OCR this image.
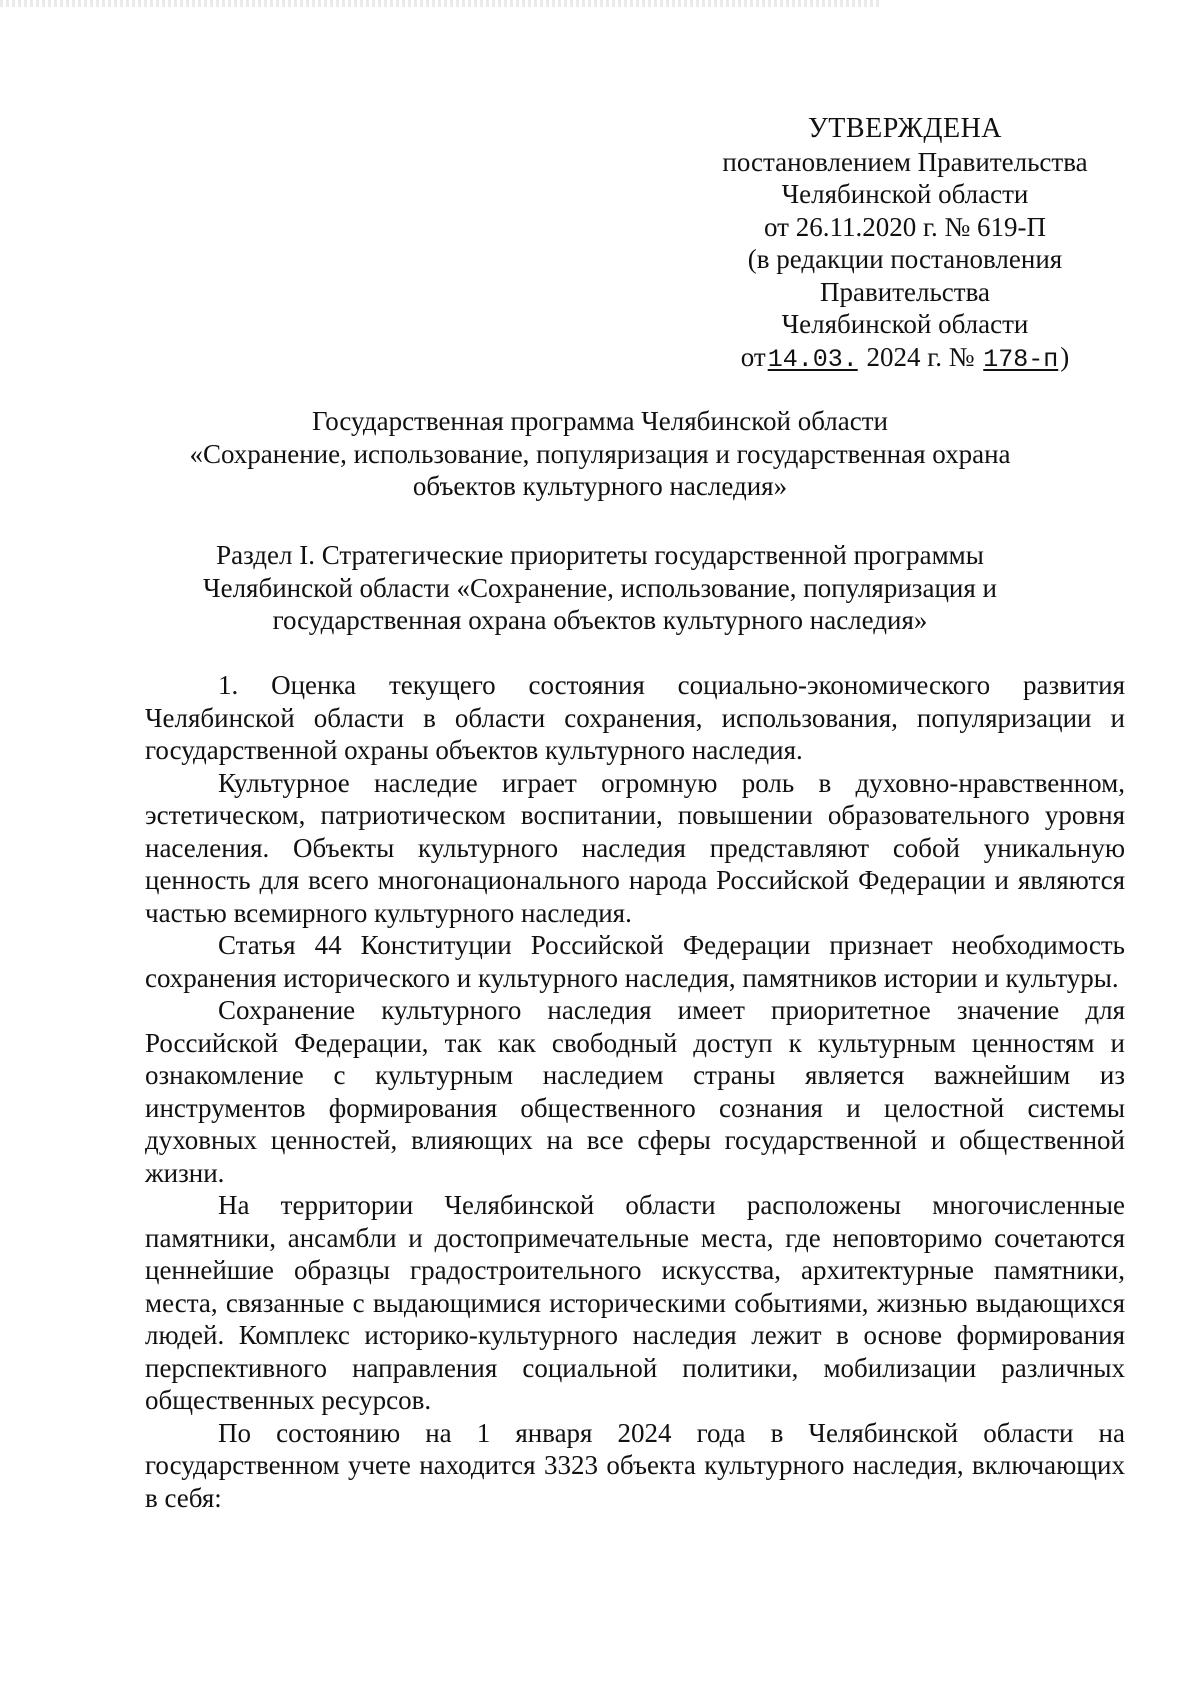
УТВЕРЖДЕНА
постановлением Правительства
Челябинской области
от 26.11.2020 г. № 619-П
(в редакции постановления
Правительства
Челябинской области
от14.03. 2024 г. № 178-п)
Государственная программа Челябинской области
«Сохранение, использование, популяризация и государственная охрана
объектов культурного наследия»
Раздел I. Стратегические приоритеты государственной программы
Челябинской области «Сохранение, использование, популяризация и
государственная охрана объектов культурного наследия»

1. Оценка текущего состояния социально-экономического развития Челябинской области в области сохранения, использования, популяризации и государственной охраны объектов культурного наследия.

Культурное наследие играет огромную роль в духовно-нравственном, эстетическом, патриотическом воспитании, повышении образовательного уровня населения. Объекты культурного наследия представляют собой уникальную ценность для всего многонационального народа Российской Федерации и являются частью всемирного культурного наследия.

Статья 44 Конституции Российской Федерации признает необходимость сохранения исторического и культурного наследия, памятников истории и культуры.

Сохранение культурного наследия имеет приоритетное значение для Российской Федерации, так как свободный доступ к культурным ценностям и ознакомление с культурным наследием страны является важнейшим из инструментов формирования общественного сознания и целостной системы духовных ценностей, влияющих на все сферы государственной и общественной жизни.

На территории Челябинской области расположены многочисленные памятники, ансамбли и достопримечательные места, где неповторимо сочетаются ценнейшие образцы градостроительного искусства, архитектурные памятники, места, связанные с выдающимися историческими событиями, жизнью выдающихся людей. Комплекс историко-культурного наследия лежит в основе формирования перспективного направления социальной политики, мобилизации различных общественных ресурсов.

По состоянию на 1 января 2024 года в Челябинской области на государственном учете находится 3323 объекта культурного наследия, включающих в себя:
